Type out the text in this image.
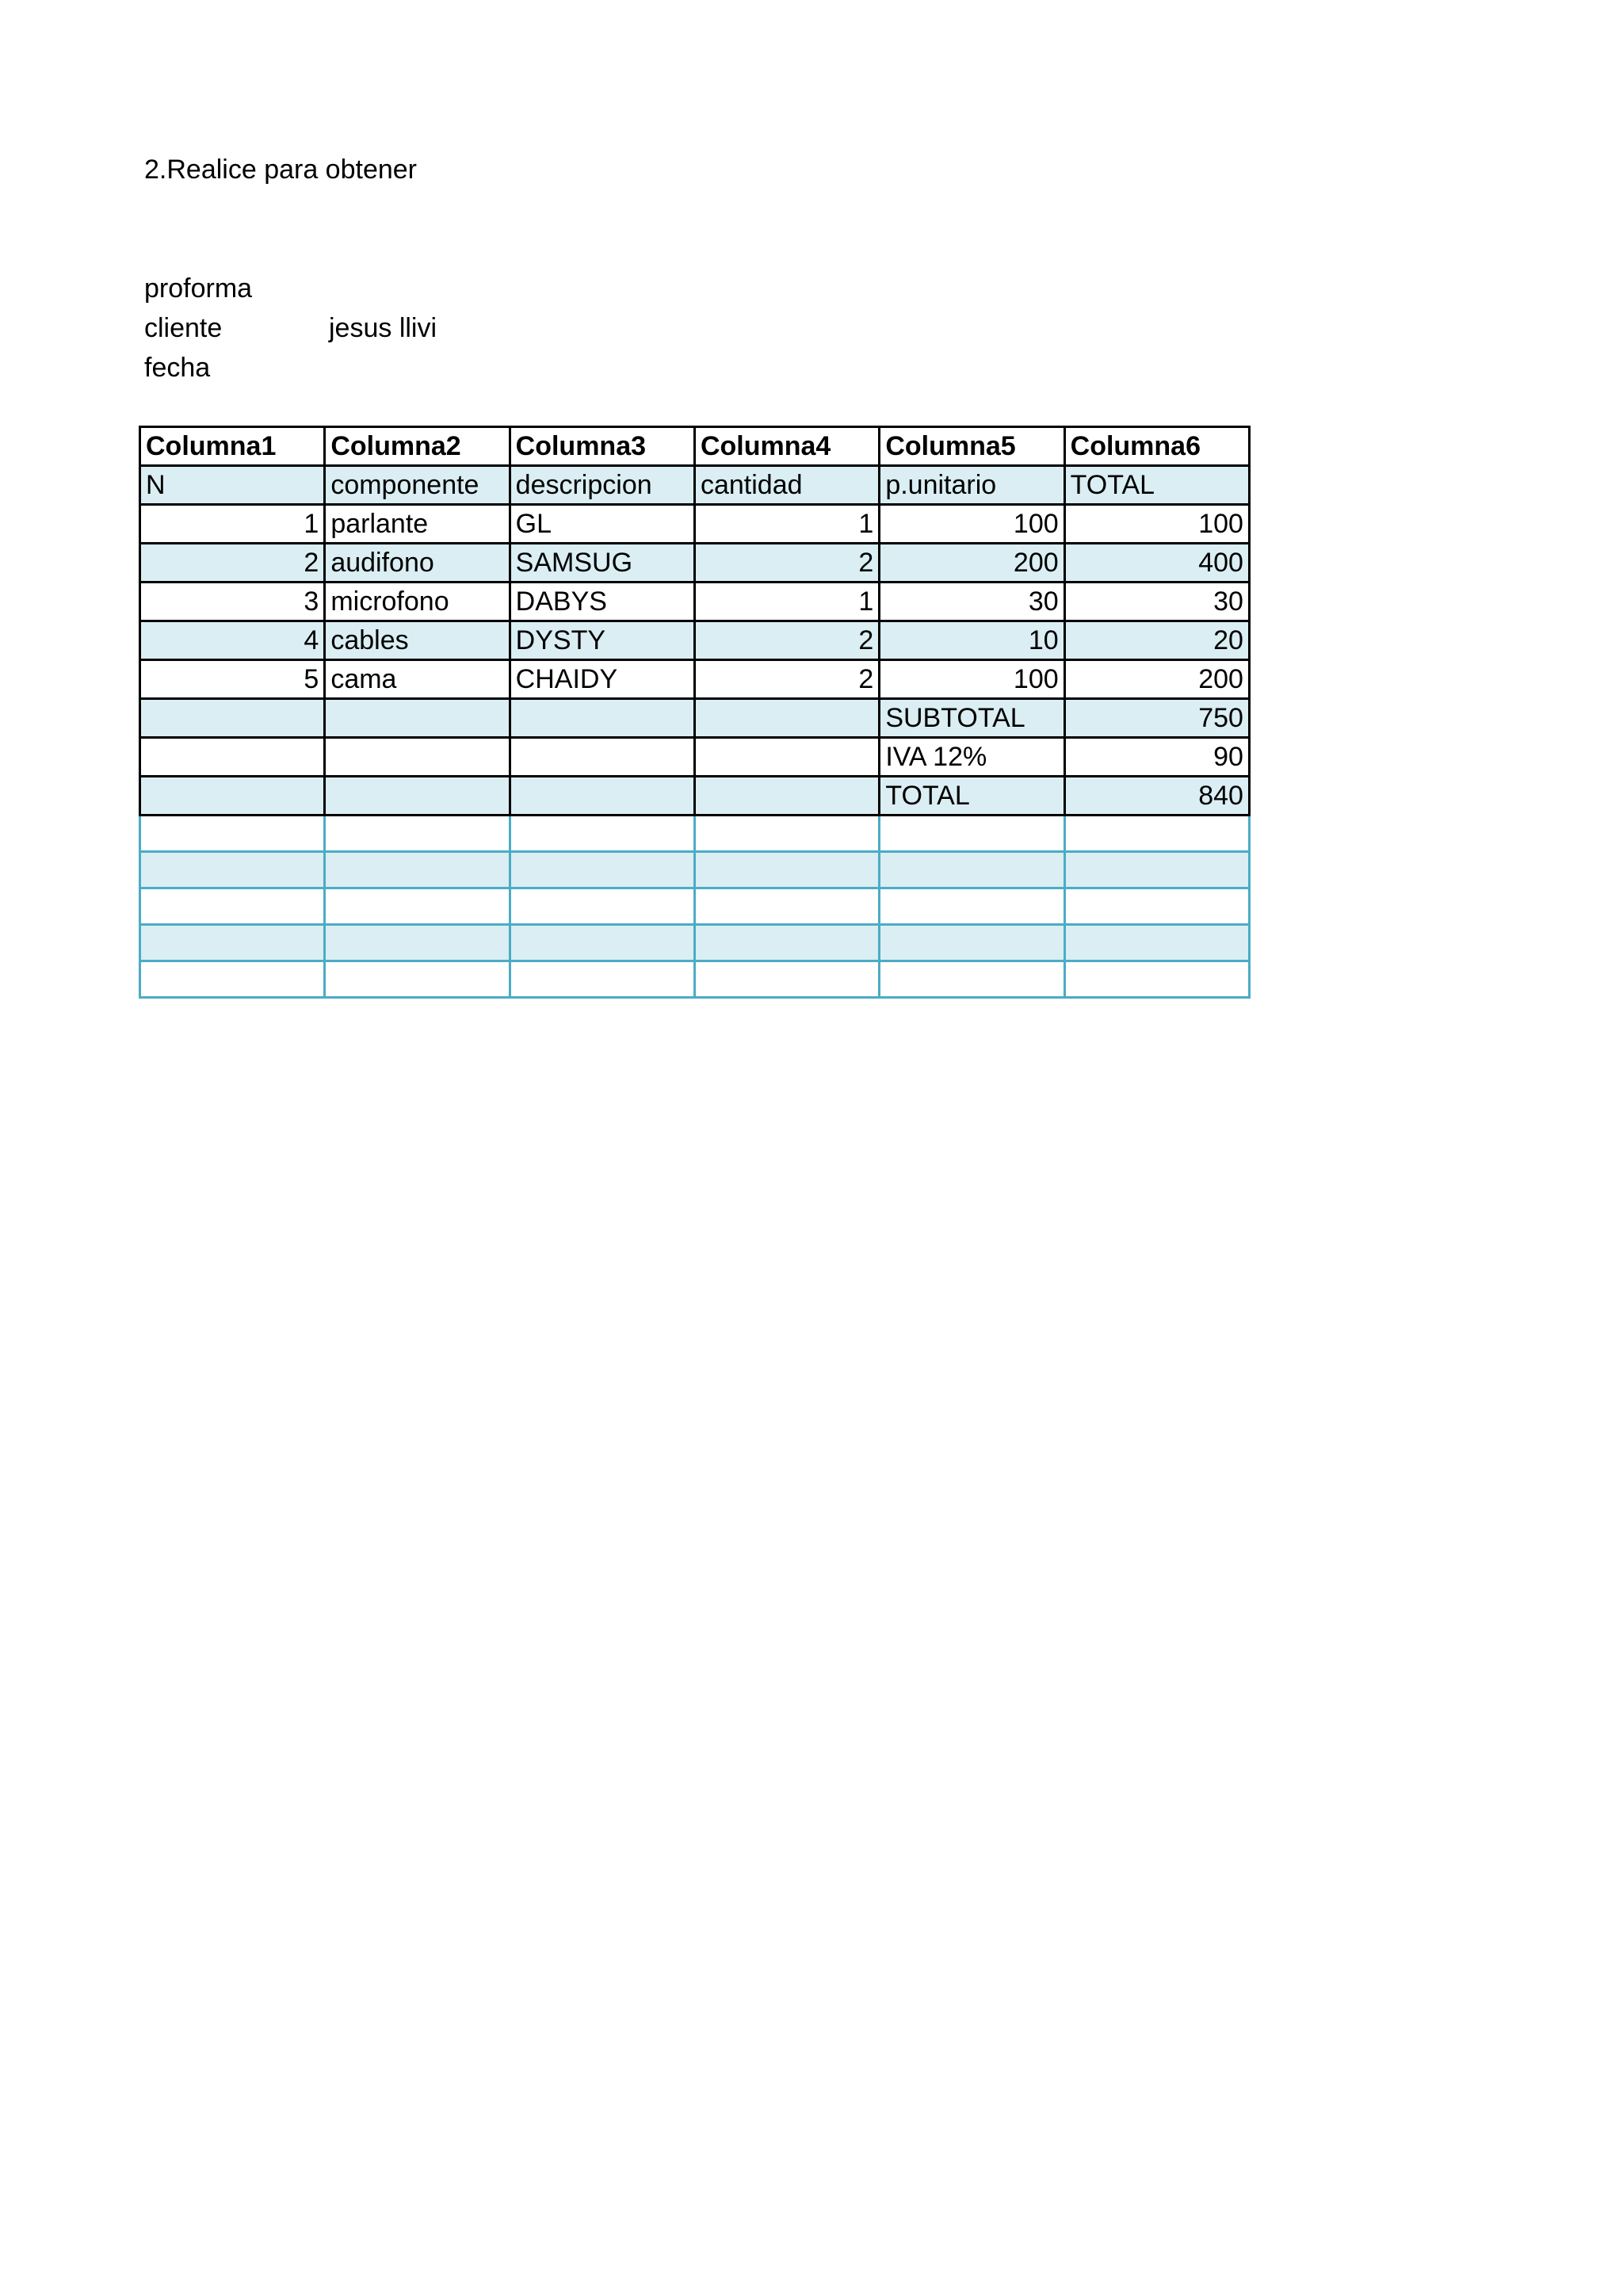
2.Realice para obtener
proforma
cliente	jesus llivi
fecha
Columna1	Columna2	Columna3	Columna4	Columna5	Columna6
N	componente	descripcion	cantidad	p.unitario	TOTAL
1	parlante	GL	1	100	100
2	audifono	SAMSUG	2	200	400
3	microfono	DABYS	1	30	30
4	cables	DYSTY	2	10	20
5	cama	CHAIDY	2	100	200
				SUBTOTAL	750
				IVA 12%	90
				TOTAL	840
